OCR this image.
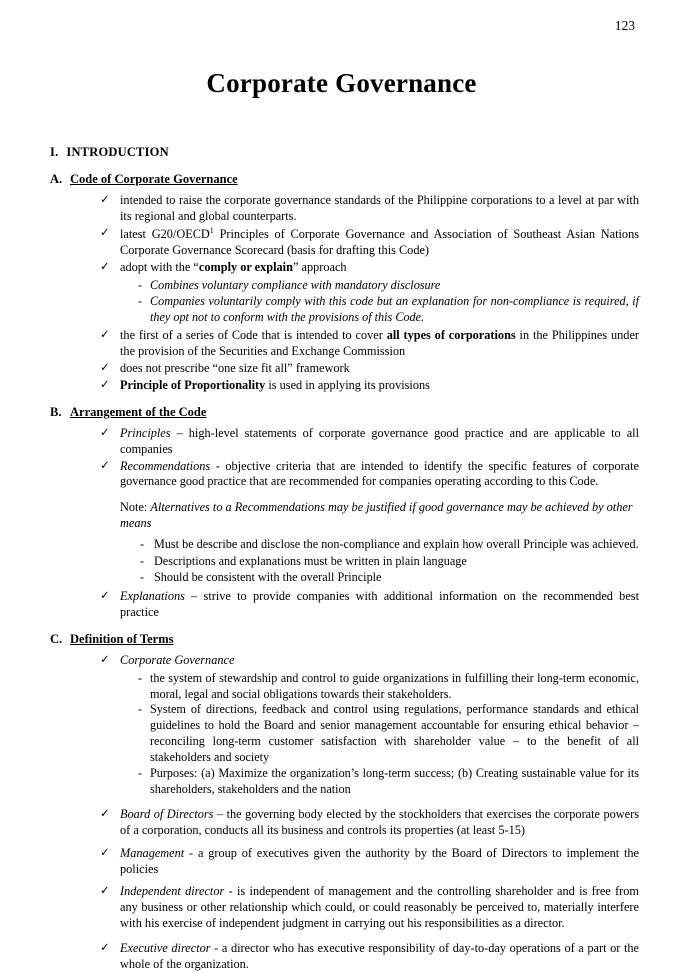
123
Corporate Governance
I. INTRODUCTION
A. Code of Corporate Governance
✓ intended to raise the corporate governance standards of the Philippine corporations to a level at par with its regional and global counterparts.
✓ latest G20/OECD$^1$ Principles of Corporate Governance and Association of Southeast Asian Nations Corporate Governance Scorecard (basis for drafting this Code)
✓ adopt with the “comply or explain” approach
- Combines voluntary compliance with mandatory disclosure
- Companies voluntarily comply with this code but an explanation for non-compliance is required, if they opt not to conform with the provisions of this Code.
✓ the first of a series of Code that is intended to cover all types of corporations in the Philippines under the provision of the Securities and Exchange Commission
✓ does not prescribe “one size fit all” framework
✓ Principle of Proportionality is used in applying its provisions
B. Arrangement of the Code
✓ Principles – high-level statements of corporate governance good practice and are applicable to all companies
✓ Recommendations - objective criteria that are intended to identify the specific features of corporate governance good practice that are recommended for companies operating according to this Code.
Note: Alternatives to a Recommendations may be justified if good governance may be achieved by other means
- Must be describe and disclose the non-compliance and explain how overall Principle was achieved.
- Descriptions and explanations must be written in plain language
- Should be consistent with the overall Principle
✓ Explanations – strive to provide companies with additional information on the recommended best practice
C. Definition of Terms
✓ Corporate Governance
- the system of stewardship and control to guide organizations in fulfilling their long-term economic, moral, legal and social obligations towards their stakeholders.
- System of directions, feedback and control using regulations, performance standards and ethical guidelines to hold the Board and senior management accountable for ensuring ethical behavior – reconciling long-term customer satisfaction with shareholder value – to the benefit of all stakeholders and society
- Purposes: (a) Maximize the organization’s long-term success; (b) Creating sustainable value for its shareholders, stakeholders and the nation
✓ Board of Directors – the governing body elected by the stockholders that exercises the corporate powers of a corporation, conducts all its business and controls its properties (at least 5-15)
✓ Management - a group of executives given the authority by the Board of Directors to implement the policies
✓ Independent director - is independent of management and the controlling shareholder and is free from any business or other relationship which could, or could reasonably be perceived to, materially interfere with his exercise of independent judgment in carrying out his responsibilities as a director.
✓ Executive director - a director who has executive responsibility of day-to-day operations of a part or the whole of the organization.
